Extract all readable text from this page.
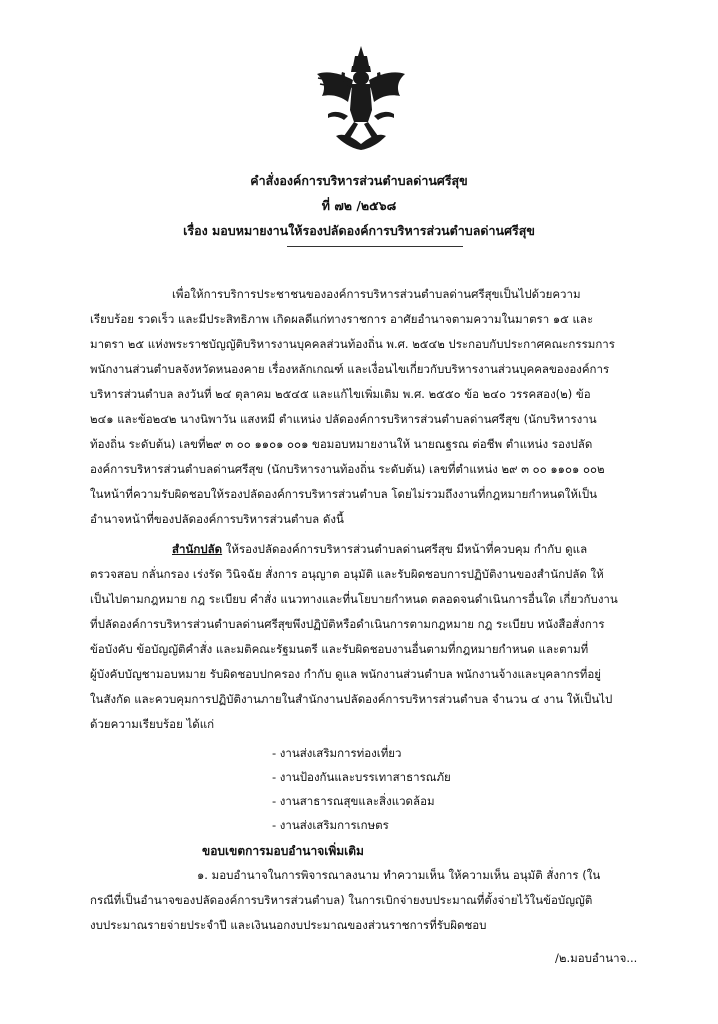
คำสั่งองค์การบริหารส่วนตำบลด่านศรีสุข
ที่ ๗๒ /๒๕๖๘
เรื่อง มอบหมายงานให้รองปลัดองค์การบริหารส่วนตำบลด่านศรีสุข
เพื่อให้การบริการประชาชนขององค์การบริหารส่วนตำบลด่านศรีสุขเป็นไปด้วยความ
เรียบร้อย รวดเร็ว และมีประสิทธิภาพ เกิดผลดีแก่ทางราชการ อาศัยอำนาจตามความในมาตรา ๑๕ และ
มาตรา ๒๕ แห่งพระราชบัญญัติบริหารงานบุคคลส่วนท้องถิ่น พ.ศ. ๒๕๔๒ ประกอบกับประกาศคณะกรรมการ
พนักงานส่วนตำบลจังหวัดหนองคาย เรื่องหลักเกณฑ์ และเงื่อนไขเกี่ยวกับบริหารงานส่วนบุคคลขององค์การ
บริหารส่วนตำบล ลงวันที่ ๒๔ ตุลาคม ๒๕๔๕ และแก้ไขเพิ่มเติม พ.ศ. ๒๕๕๐ ข้อ ๒๔๐ วรรคสอง(๒) ข้อ
๒๔๑ และข้อ๒๔๒ นางนิพาวัน แสงหมี ตำแหน่ง ปลัดองค์การบริหารส่วนตำบลด่านศรีสุข (นักบริหารงาน
ท้องถิ่น ระดับต้น) เลขที่๒๙ ๓ ๐๐ ๑๑๐๑ ๐๐๑ ขอมอบหมายงานให้ นายณฐรณ ต่อชีพ ตำแหน่ง รองปลัด
องค์การบริหารส่วนตำบลด่านศรีสุข (นักบริหารงานท้องถิ่น ระดับต้น) เลขที่ตำแหน่ง ๒๙ ๓ ๐๐ ๑๑๐๑ ๐๐๒
ในหน้าที่ความรับผิดชอบให้รองปลัดองค์การบริหารส่วนตำบล โดยไม่รวมถึงงานที่กฎหมายกำหนดให้เป็น
อำนาจหน้าที่ของปลัดองค์การบริหารส่วนตำบล ดังนี้
สำนักปลัด ให้รองปลัดองค์การบริหารส่วนตำบลด่านศรีสุข มีหน้าที่ควบคุม กำกับ ดูแล
ตรวจสอบ กลั่นกรอง เร่งรัด วินิจฉัย สั่งการ อนุญาต อนุมัติ และรับผิดชอบการปฏิบัติงานของสำนักปลัด ให้
เป็นไปตามกฎหมาย กฎ ระเบียบ คำสั่ง แนวทางและที่นโยบายกำหนด ตลอดจนดำเนินการอื่นใด เกี่ยวกับงาน
ที่ปลัดองค์การบริหารส่วนตำบลด่านศรีสุขพึงปฏิบัติหรือดำเนินการตามกฎหมาย กฎ ระเบียบ หนังสือสั่งการ
ข้อบังคับ ข้อบัญญัติคำสั่ง และมติคณะรัฐมนตรี และรับผิดชอบงานอื่นตามที่กฎหมายกำหนด และตามที่
ผู้บังคับบัญชามอบหมาย รับผิดชอบปกครอง กำกับ ดูแล พนักงานส่วนตำบล พนักงานจ้างและบุคลากรที่อยู่
ในสังกัด และควบคุมการปฏิบัติงานภายในสำนักงานปลัดองค์การบริหารส่วนตำบล จำนวน ๔ งาน ให้เป็นไป
ด้วยความเรียบร้อย ได้แก่
- งานส่งเสริมการท่องเที่ยว
- งานป้องกันและบรรเทาสาธารณภัย
- งานสาธารณสุขและสิ่งแวดล้อม
- งานส่งเสริมการเกษตร
ขอบเขตการมอบอำนาจเพิ่มเติม
๑. มอบอำนาจในการพิจารณาลงนาม ทำความเห็น ให้ความเห็น อนุมัติ สั่งการ (ใน
กรณีที่เป็นอำนาจของปลัดองค์การบริหารส่วนตำบล) ในการเบิกจ่ายงบประมาณที่ตั้งจ่ายไว้ในข้อบัญญัติ
งบประมาณรายจ่ายประจำปี และเงินนอกงบประมาณของส่วนราชการที่รับผิดชอบ
/๒.มอบอำนาจ...
